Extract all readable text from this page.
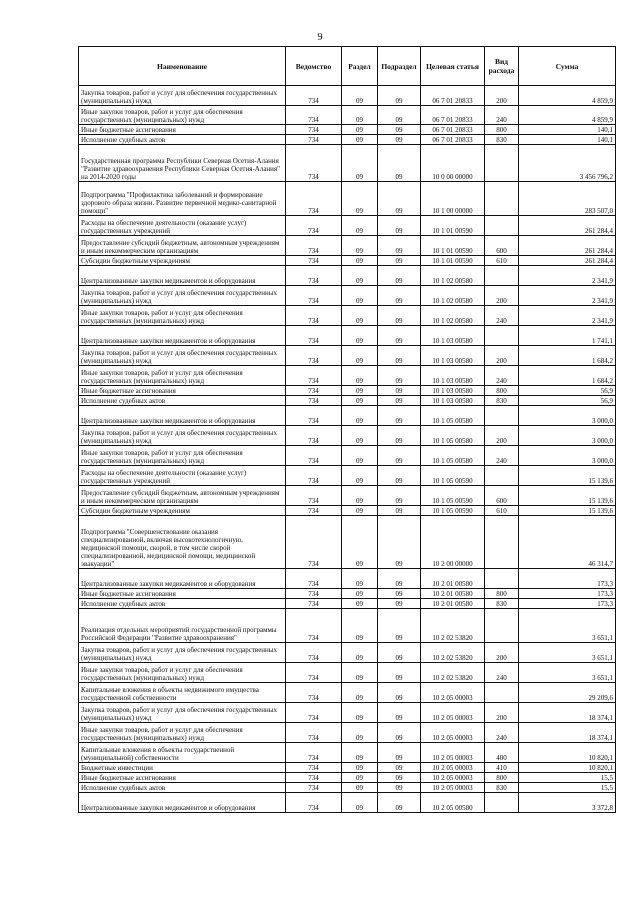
9
Наименование	Ведомство	Раздел	Подраздел	Целевая статья	Вид расхода	Сумма
Закупка товаров, работ и услуг для обеспечения государственных (муниципальных) нужд	734	09	09	06 7 01 20833	200	4 859,9
Иные закупки товаров, работ и услуг для обеспечения государственных (муниципальных) нужд	734	09	09	06 7 01 20833	240	4 859,9
Иные бюджетные ассигнования	734	09	09	06 7 01 20833	800	140,1
Исполнение судебных актов	734	09	09	06 7 01 20833	830	140,1
Государственная программа Республики Северная Осетия-Алания "Развитие здравоохранения Республики Северная Осетия-Алания" на 2014-2020 годы	734	09	09	10 0 00 00000		3 456 796,2
Подпрограмма "Профилактика заболеваний и формирование здорового образа жизни. Развитие первичной медико-санитарной помощи"	734	09	09	10 1 00 00000		283 507,0
Расходы на обеспечение деятельности (оказание услуг) государственных учреждений	734	09	09	10 1 01 00590		261 284,4
Предоставление субсидий бюджетным, автономным учреждениям и иным некоммерческим организациям	734	09	09	10 1 01 00590	600	261 284,4
Субсидии бюджетным учреждениям	734	09	09	10 1 01 00590	610	261 284,4
Централизованные закупки медикаментов и оборудования	734	09	09	10 1 02 00580		2 341,9
Закупка товаров, работ и услуг для обеспечения государственных (муниципальных) нужд	734	09	09	10 1 02 00580	200	2 341,9
Иные закупки товаров, работ и услуг для обеспечения государственных (муниципальных) нужд	734	09	09	10 1 02 00580	240	2 341,9
Централизованные закупки медикаментов и оборудования	734	09	09	10 1 03 00580		1 741,1
Закупка товаров, работ и услуг для обеспечения государственных (муниципальных) нужд	734	09	09	10 1 03 00580	200	1 684,2
Иные закупки товаров, работ и услуг для обеспечения государственных (муниципальных) нужд	734	09	09	10 1 03 00580	240	1 684,2
Иные бюджетные ассигнования	734	09	09	10 1 03 00580	800	56,9
Исполнение судебных актов	734	09	09	10 1 03 00580	830	56,9
Централизованные закупки медикаментов и оборудования	734	09	09	10 1 05 00580		3 000,0
Закупка товаров, работ и услуг для обеспечения государственных (муниципальных) нужд	734	09	09	10 1 05 00580	200	3 000,0
Иные закупки товаров, работ и услуг для обеспечения государственных (муниципальных) нужд	734	09	09	10 1 05 00580	240	3 000,0
Расходы на обеспечение деятельности (оказание услуг) государственных учреждений	734	09	09	10 1 05 00590		15 139,6
Предоставление субсидий бюджетным, автономным учреждениям и иным некоммерческим организациям	734	09	09	10 1 05 00590	600	15 139,6
Субсидии бюджетным учреждениям	734	09	09	10 1 05 00590	610	15 139,6
Подпрограмма "Совершенствование оказания специализированной, включая высокотехнологичную, медицинской помощи, скорой, в том числе скорой специализированной, медицинской помощи, медицинской эвакуации"	734	09	09	10 2 00 00000		46 314,7
Централизованные закупки медикаментов и оборудования	734	09	09	10 2 01 00580		173,3
Иные бюджетные ассигнования	734	09	09	10 2 01 00580	800	173,3
Исполнение судебных актов	734	09	09	10 2 01 00580	830	173,3
Реализация отдельных мероприятий государственной программы Российской Федерации "Развитие здравоохранения"	734	09	09	10 2 02 53820		3 651,1
Закупка товаров, работ и услуг для обеспечения государственных (муниципальных) нужд	734	09	09	10 2 02 53820	200	3 651,1
Иные закупки товаров, работ и услуг для обеспечения государственных (муниципальных) нужд	734	09	09	10 2 02 53820	240	3 651,1
Капитальные вложения в объекты недвижимого имущества государственной собственности	734	09	09	10 2 05 00003		29 209,6
Закупка товаров, работ и услуг для обеспечения государственных (муниципальных) нужд	734	09	09	10 2 05 00003	200	18 374,1
Иные закупки товаров, работ и услуг для обеспечения государственных (муниципальных) нужд	734	09	09	10 2 05 00003	240	18 374,1
Капитальные вложения в объекты государственной (муниципальной) собственности	734	09	09	10 2 05 00003	400	10 820,1
Бюджетные инвестиции	734	09	09	10 2 05 00003	410	10 820,1
Иные бюджетные ассигнования	734	09	09	10 2 05 00003	800	15,5
Исполнение судебных актов	734	09	09	10 2 05 00003	830	15,5
Централизованные закупки медикаментов и оборудования	734	09	09	10 2 05 00580		3 372,8
